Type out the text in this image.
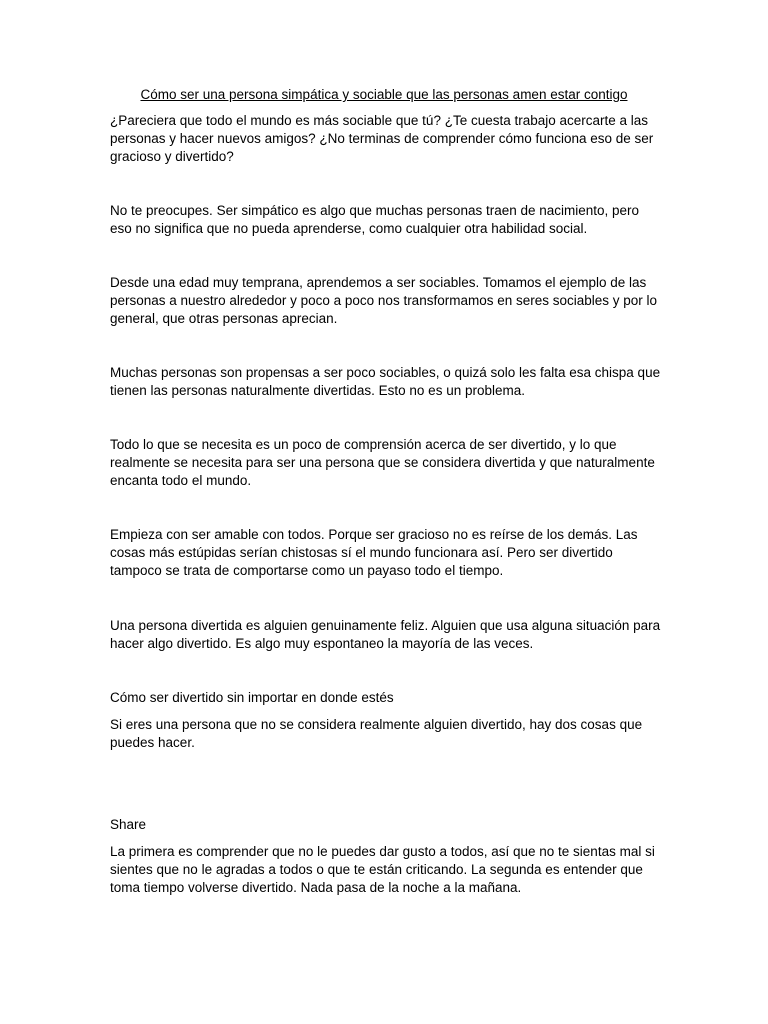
Cómo ser una persona simpática y sociable que las personas amen estar contigo

¿Pareciera que todo el mundo es más sociable que tú? ¿Te cuesta trabajo acercarte a las personas y hacer nuevos amigos? ¿No terminas de comprender cómo funciona eso de ser gracioso y divertido?

No te preocupes. Ser simpático es algo que muchas personas traen de nacimiento, pero eso no significa que no pueda aprenderse, como cualquier otra habilidad social.

Desde una edad muy temprana, aprendemos a ser sociables. Tomamos el ejemplo de las personas a nuestro alrededor y poco a poco nos transformamos en seres sociables y por lo general, que otras personas aprecian.

Muchas personas son propensas a ser poco sociables, o quizá solo les falta esa chispa que tienen las personas naturalmente divertidas. Esto no es un problema.

Todo lo que se necesita es un poco de comprensión acerca de ser divertido, y lo que realmente se necesita para ser una persona que se considera divertida y que naturalmente encanta todo el mundo.

Empieza con ser amable con todos. Porque ser gracioso no es reírse de los demás. Las cosas más estúpidas serían chistosas sí el mundo funcionara así. Pero ser divertido tampoco se trata de comportarse como un payaso todo el tiempo.

Una persona divertida es alguien genuinamente feliz. Alguien que usa alguna situación para hacer algo divertido. Es algo muy espontaneo la mayoría de las veces.

Cómo ser divertido sin importar en donde estés

Si eres una persona que no se considera realmente alguien divertido, hay dos cosas que puedes hacer.

Share

La primera es comprender que no le puedes dar gusto a todos, así que no te sientas mal si sientes que no le agradas a todos o que te están criticando. La segunda es entender que toma tiempo volverse divertido. Nada pasa de la noche a la mañana.
